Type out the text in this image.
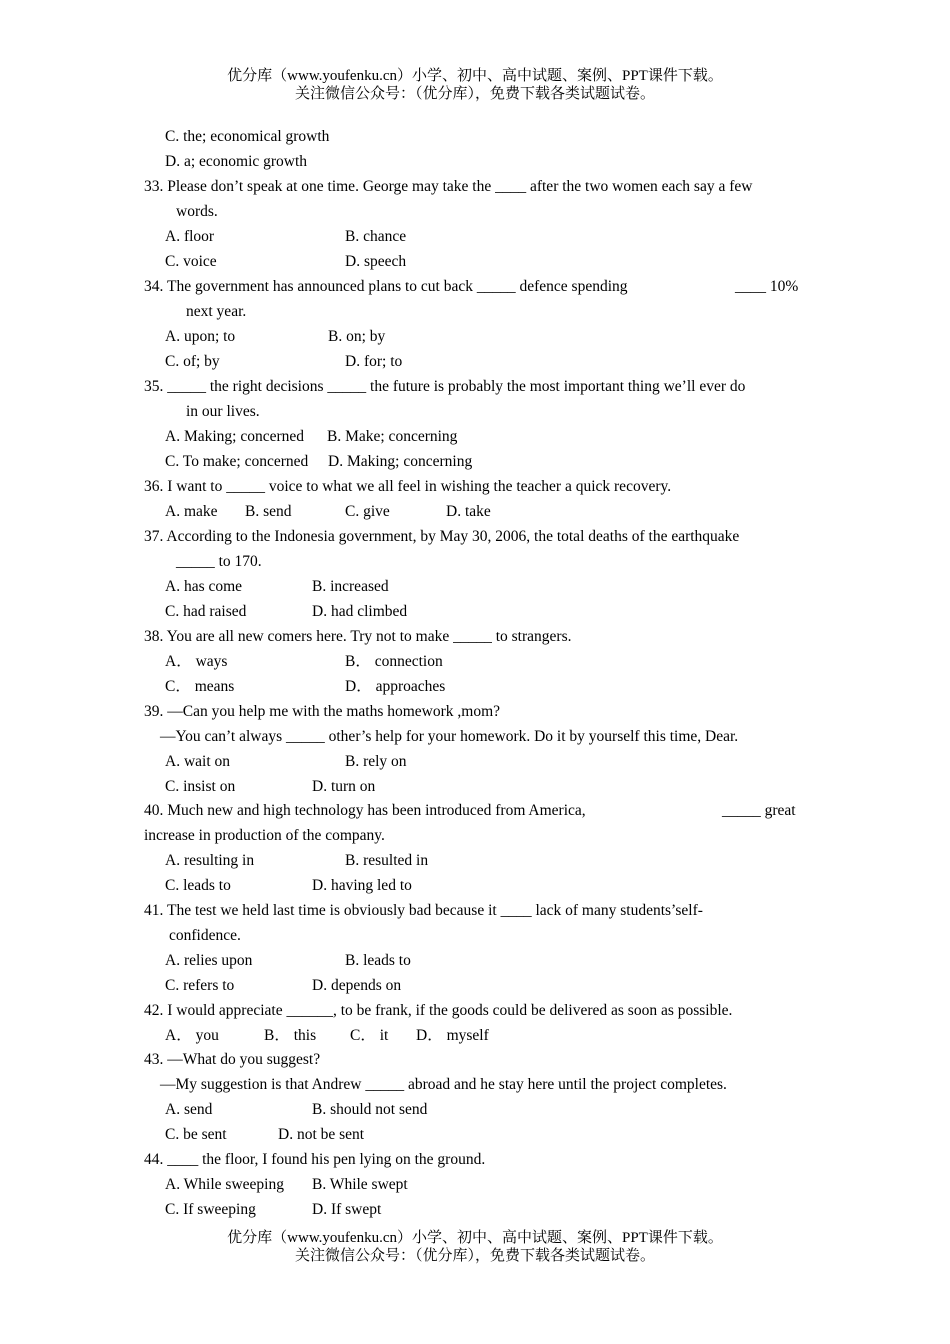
优分库（www.youfenku.cn）小学、初中、高中试题、案例、PPT课件下载。
关注微信公众号：（优分库），免费下载各类试题试卷。
C. the; economical growth
D. a; economic growth
33. Please don’t speak at one time. George may take the ____ after the two women each say a few
words.
A. floor	B. chance
C. voice	D. speech
34. The government has announced plans to cut back _____ defence spending	____ 10%
next year.
A. upon; to	B. on; by
C. of; by	D. for; to
35. _____ the right decisions _____ the future is probably the most important thing we’ll ever do
in our lives.
A. Making; concerned B. Make; concerning
C. To make; concerned D. Making; concerning
36. I want to _____ voice to what we all feel in wishing the teacher a quick recovery.
A. make B. send	C. give	D. take
37. According to the Indonesia government, by May 30, 2006, the total deaths of the earthquake
_____ to 170.
A. has come	B. increased
C. had raised	D. had climbed
38. You are all new comers here. Try not to make _____ to strangers.
A． ways	B． connection
C． means	D． approaches
39. —Can you help me with the maths homework ,mom?
—You can’t always _____ other’s help for your homework. Do it by yourself this time, Dear.
A. wait on	B. rely on
C. insist on	D. turn on
40. Much new and high technology has been introduced from America,	_____ great
increase in production of the company.
A. resulting in	B. resulted in
C. leads to	D. having led to
41. The test we held last time is obviously bad because it ____ lack of many students’self-
confidence.
A. relies upon	B. leads to
C. refers to	D. depends on
42. I would appreciate ______, to be frank, if the goods could be delivered as soon as possible.
A． you	B． this C． it D． myself
43. —What do you suggest?
—My suggestion is that Andrew _____ abroad and he stay here until the project completes.
A. send	B. should not send
C. be sent	D. not be sent
44. ____ the floor, I found his pen lying on the ground.
A. While sweeping B. While swept
C. If sweeping	D. If swept
优分库（www.youfenku.cn）小学、初中、高中试题、案例、PPT课件下载。
关注微信公众号：（优分库），免费下载各类试题试卷。
